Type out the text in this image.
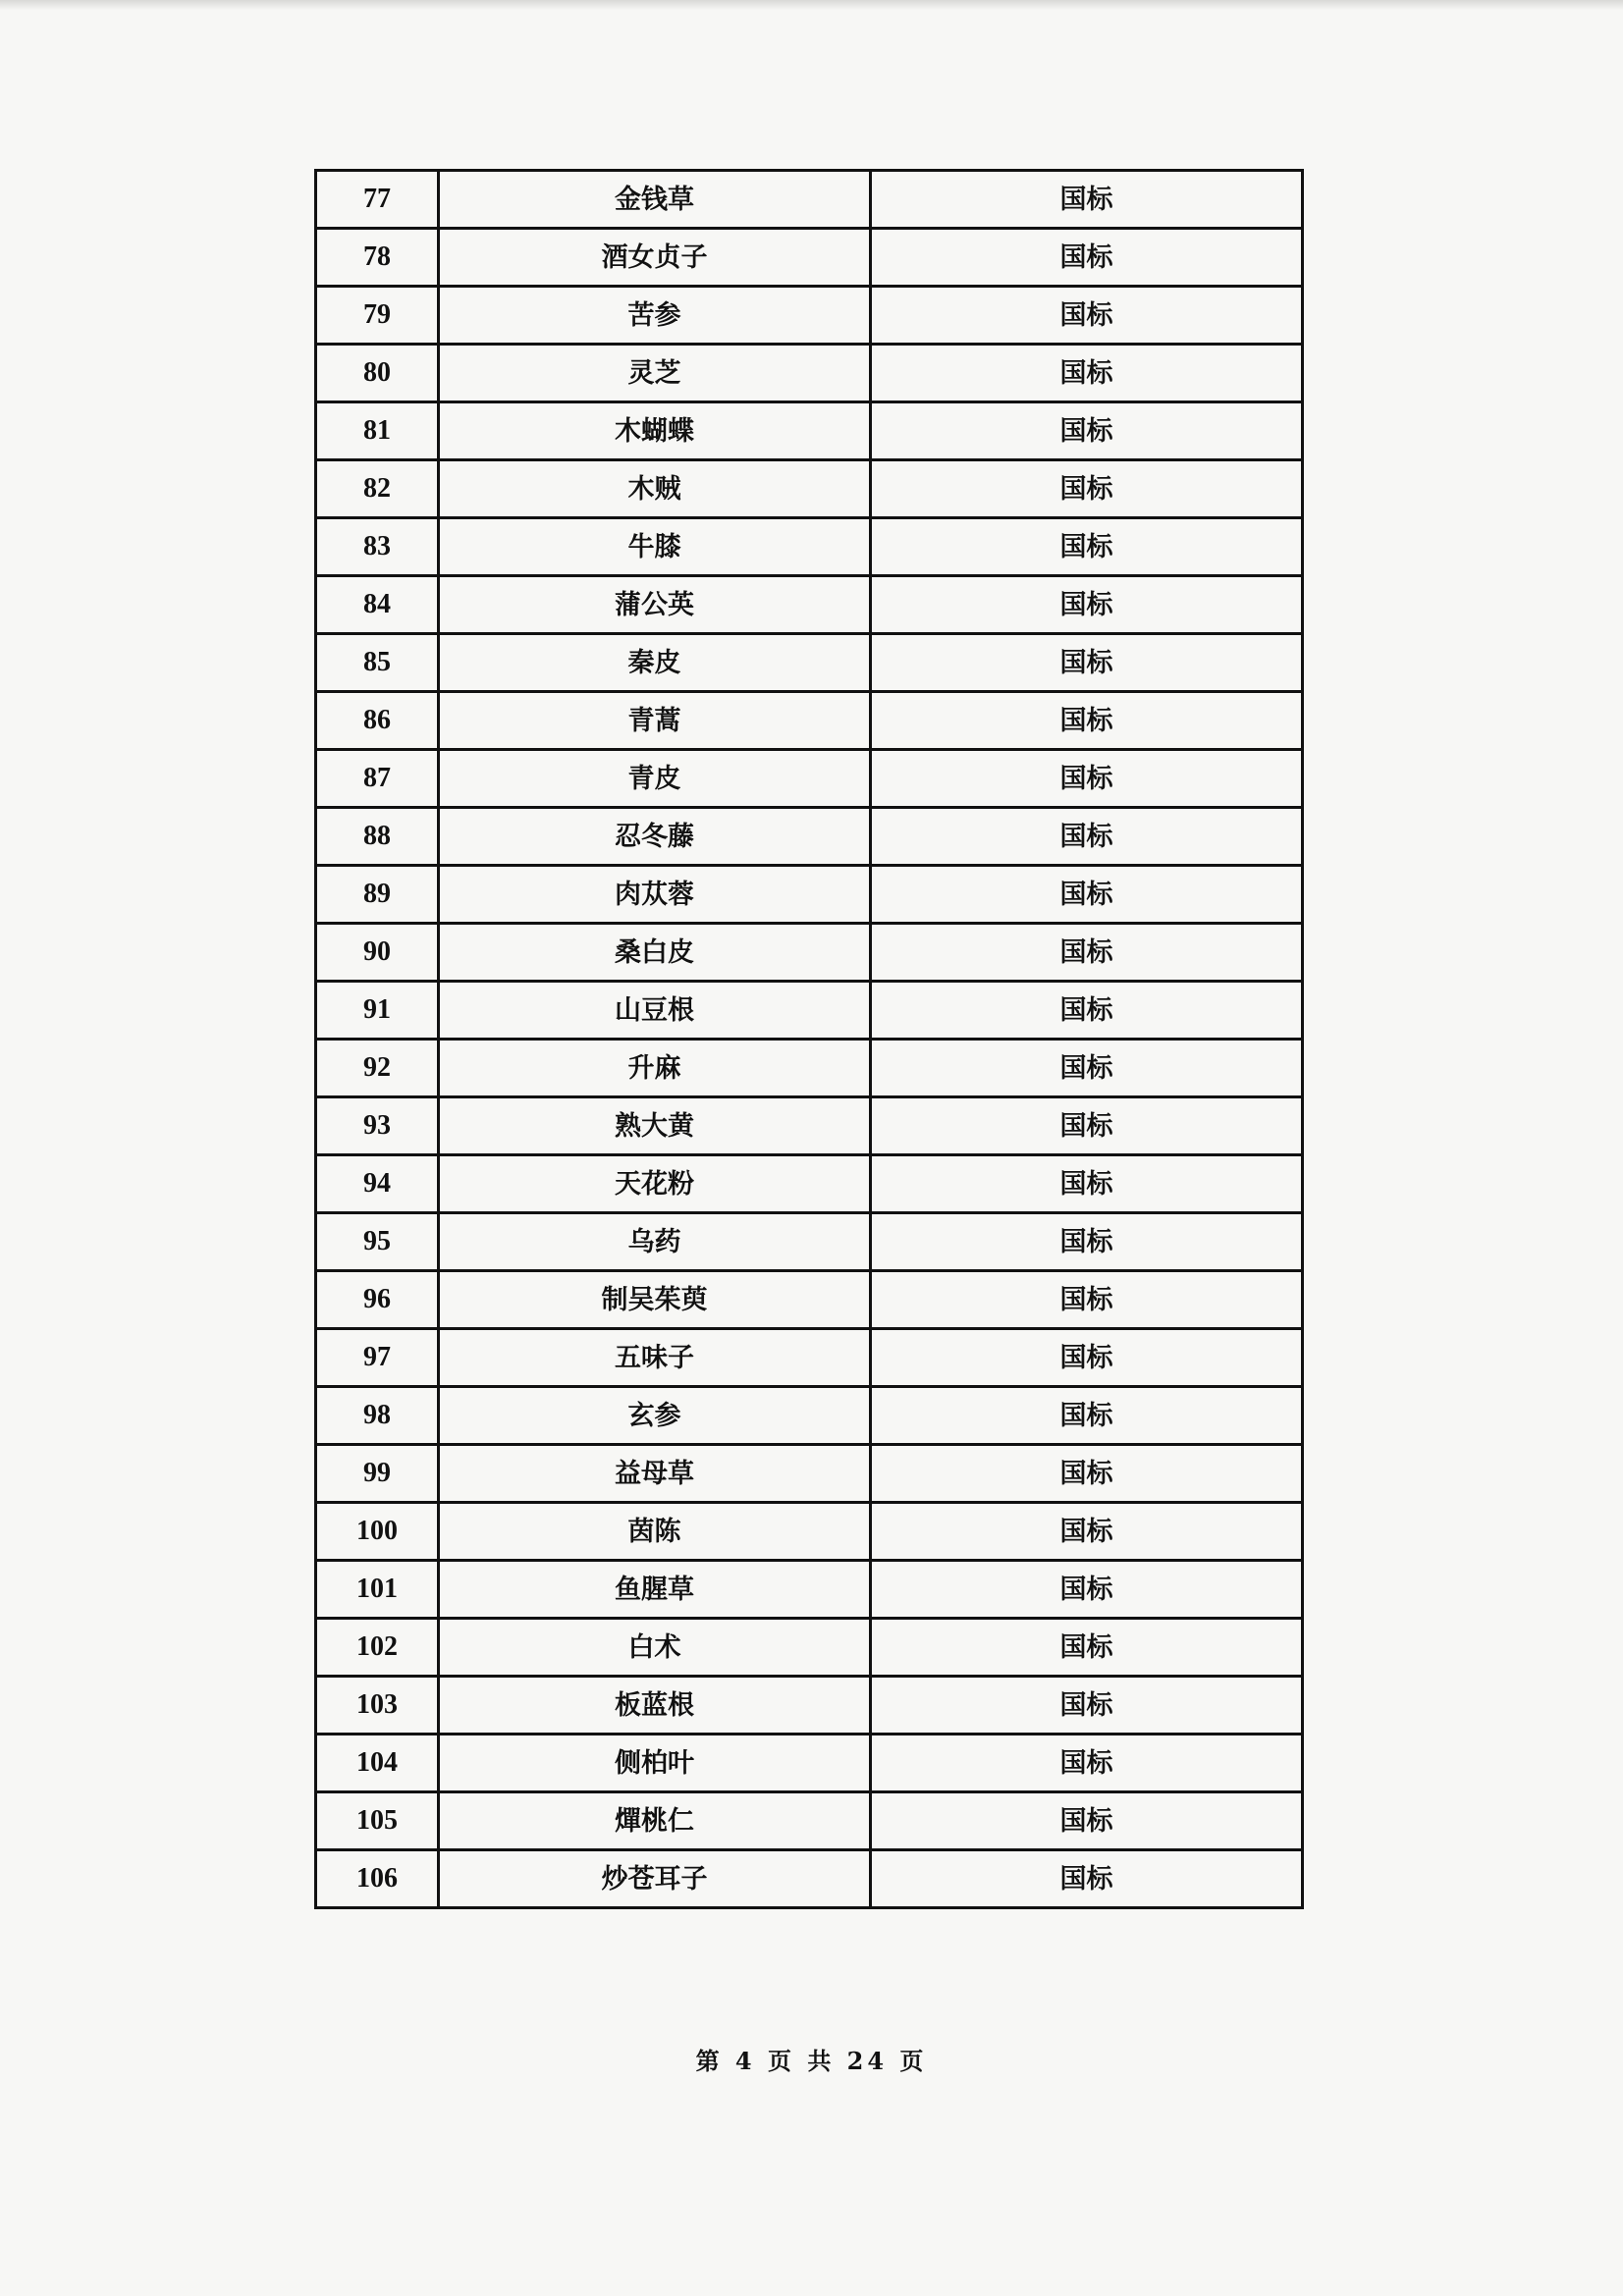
77	金钱草	国标
78	酒女贞子	国标
79	苦参	国标
80	灵芝	国标
81	木蝴蝶	国标
82	木贼	国标
83	牛膝	国标
84	蒲公英	国标
85	秦皮	国标
86	青蒿	国标
87	青皮	国标
88	忍冬藤	国标
89	肉苁蓉	国标
90	桑白皮	国标
91	山豆根	国标
92	升麻	国标
93	熟大黄	国标
94	天花粉	国标
95	乌药	国标
96	制吴茱萸	国标
97	五味子	国标
98	玄参	国标
99	益母草	国标
100	茵陈	国标
101	鱼腥草	国标
102	白术	国标
103	板蓝根	国标
104	侧柏叶	国标
105	燀桃仁	国标
106	炒苍耳子	国标
第 4 页 共 24 页
